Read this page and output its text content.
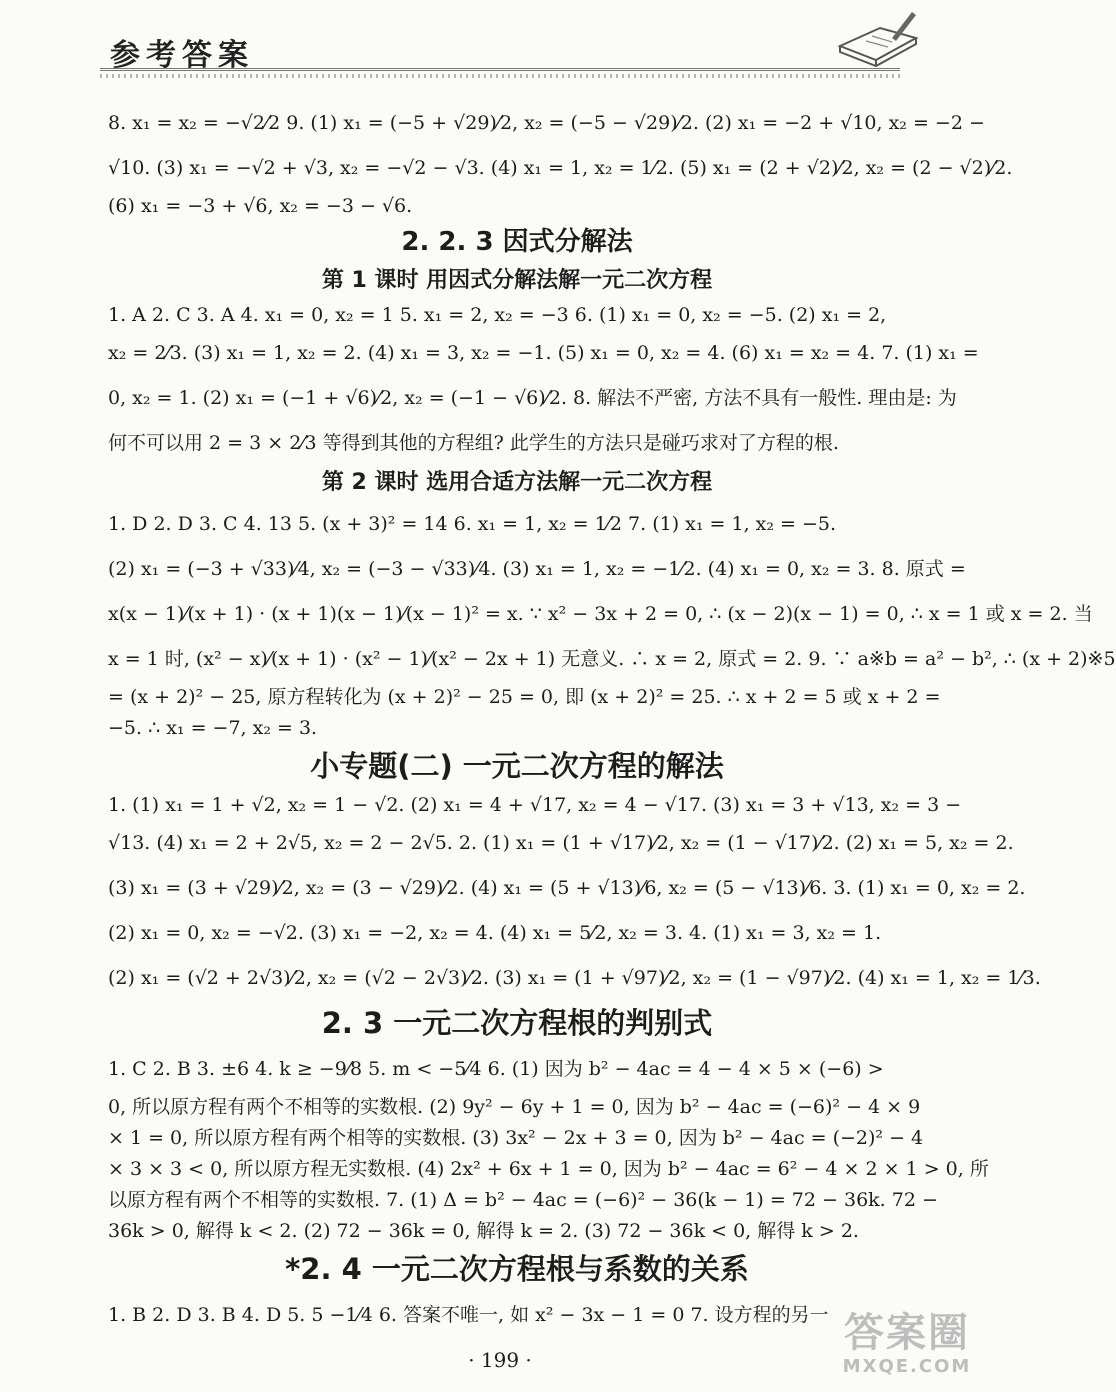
参考答案
8. x₁ = x₂ = −√2⁄2 9. (1) x₁ = (−5 + √29)⁄2, x₂ = (−5 − √29)⁄2. (2) x₁ = −2 + √10, x₂ = −2 −
√10. (3) x₁ = −√2 + √3, x₂ = −√2 − √3. (4) x₁ = 1, x₂ = 1⁄2. (5) x₁ = (2 + √2)⁄2, x₂ = (2 − √2)⁄2.
(6) x₁ = −3 + √6, x₂ = −3 − √6.
2. 2. 3 因式分解法
第 1 课时 用因式分解法解一元二次方程
1. A 2. C 3. A 4. x₁ = 0, x₂ = 1 5. x₁ = 2, x₂ = −3 6. (1) x₁ = 0, x₂ = −5. (2) x₁ = 2,
x₂ = 2⁄3. (3) x₁ = 1, x₂ = 2. (4) x₁ = 3, x₂ = −1. (5) x₁ = 0, x₂ = 4. (6) x₁ = x₂ = 4. 7. (1) x₁ =
0, x₂ = 1. (2) x₁ = (−1 + √6)⁄2, x₂ = (−1 − √6)⁄2. 8. 解法不严密, 方法不具有一般性. 理由是: 为
何不可以用 2 = 3 × 2⁄3 等得到其他的方程组? 此学生的方法只是碰巧求对了方程的根.
第 2 课时 选用合适方法解一元二次方程
1. D 2. D 3. C 4. 13 5. (x + 3)² = 14 6. x₁ = 1, x₂ = 1⁄2 7. (1) x₁ = 1, x₂ = −5.
(2) x₁ = (−3 + √33)⁄4, x₂ = (−3 − √33)⁄4. (3) x₁ = 1, x₂ = −1⁄2. (4) x₁ = 0, x₂ = 3. 8. 原式 =
x(x − 1)⁄(x + 1) · (x + 1)(x − 1)⁄(x − 1)² = x. ∵ x² − 3x + 2 = 0, ∴ (x − 2)(x − 1) = 0, ∴ x = 1 或 x = 2. 当
x = 1 时, (x² − x)⁄(x + 1) · (x² − 1)⁄(x² − 2x + 1) 无意义. ∴ x = 2, 原式 = 2. 9. ∵ a※b = a² − b², ∴ (x + 2)※5
= (x + 2)² − 25, 原方程转化为 (x + 2)² − 25 = 0, 即 (x + 2)² = 25. ∴ x + 2 = 5 或 x + 2 =
−5. ∴ x₁ = −7, x₂ = 3.
小专题(二) 一元二次方程的解法
1. (1) x₁ = 1 + √2, x₂ = 1 − √2. (2) x₁ = 4 + √17, x₂ = 4 − √17. (3) x₁ = 3 + √13, x₂ = 3 −
√13. (4) x₁ = 2 + 2√5, x₂ = 2 − 2√5. 2. (1) x₁ = (1 + √17)⁄2, x₂ = (1 − √17)⁄2. (2) x₁ = 5, x₂ = 2.
(3) x₁ = (3 + √29)⁄2, x₂ = (3 − √29)⁄2. (4) x₁ = (5 + √13)⁄6, x₂ = (5 − √13)⁄6. 3. (1) x₁ = 0, x₂ = 2.
(2) x₁ = 0, x₂ = −√2. (3) x₁ = −2, x₂ = 4. (4) x₁ = 5⁄2, x₂ = 3. 4. (1) x₁ = 3, x₂ = 1.
(2) x₁ = (√2 + 2√3)⁄2, x₂ = (√2 − 2√3)⁄2. (3) x₁ = (1 + √97)⁄2, x₂ = (1 − √97)⁄2. (4) x₁ = 1, x₂ = 1⁄3.
2. 3 一元二次方程根的判别式
1. C 2. B 3. ±6 4. k ≥ −9⁄8 5. m < −5⁄4 6. (1) 因为 b² − 4ac = 4 − 4 × 5 × (−6) >
0, 所以原方程有两个不相等的实数根. (2) 9y² − 6y + 1 = 0, 因为 b² − 4ac = (−6)² − 4 × 9
× 1 = 0, 所以原方程有两个相等的实数根. (3) 3x² − 2x + 3 = 0, 因为 b² − 4ac = (−2)² − 4
× 3 × 3 < 0, 所以原方程无实数根. (4) 2x² + 6x + 1 = 0, 因为 b² − 4ac = 6² − 4 × 2 × 1 > 0, 所
以原方程有两个不相等的实数根. 7. (1) Δ = b² − 4ac = (−6)² − 36(k − 1) = 72 − 36k. 72 −
36k > 0, 解得 k < 2. (2) 72 − 36k = 0, 解得 k = 2. (3) 72 − 36k < 0, 解得 k > 2.
*2. 4 一元二次方程根与系数的关系
1. B 2. D 3. B 4. D 5. 5 −1⁄4 6. 答案不唯一, 如 x² − 3x − 1 = 0 7. 设方程的另一
· 199 ·
答案圈
MXQE.COM
